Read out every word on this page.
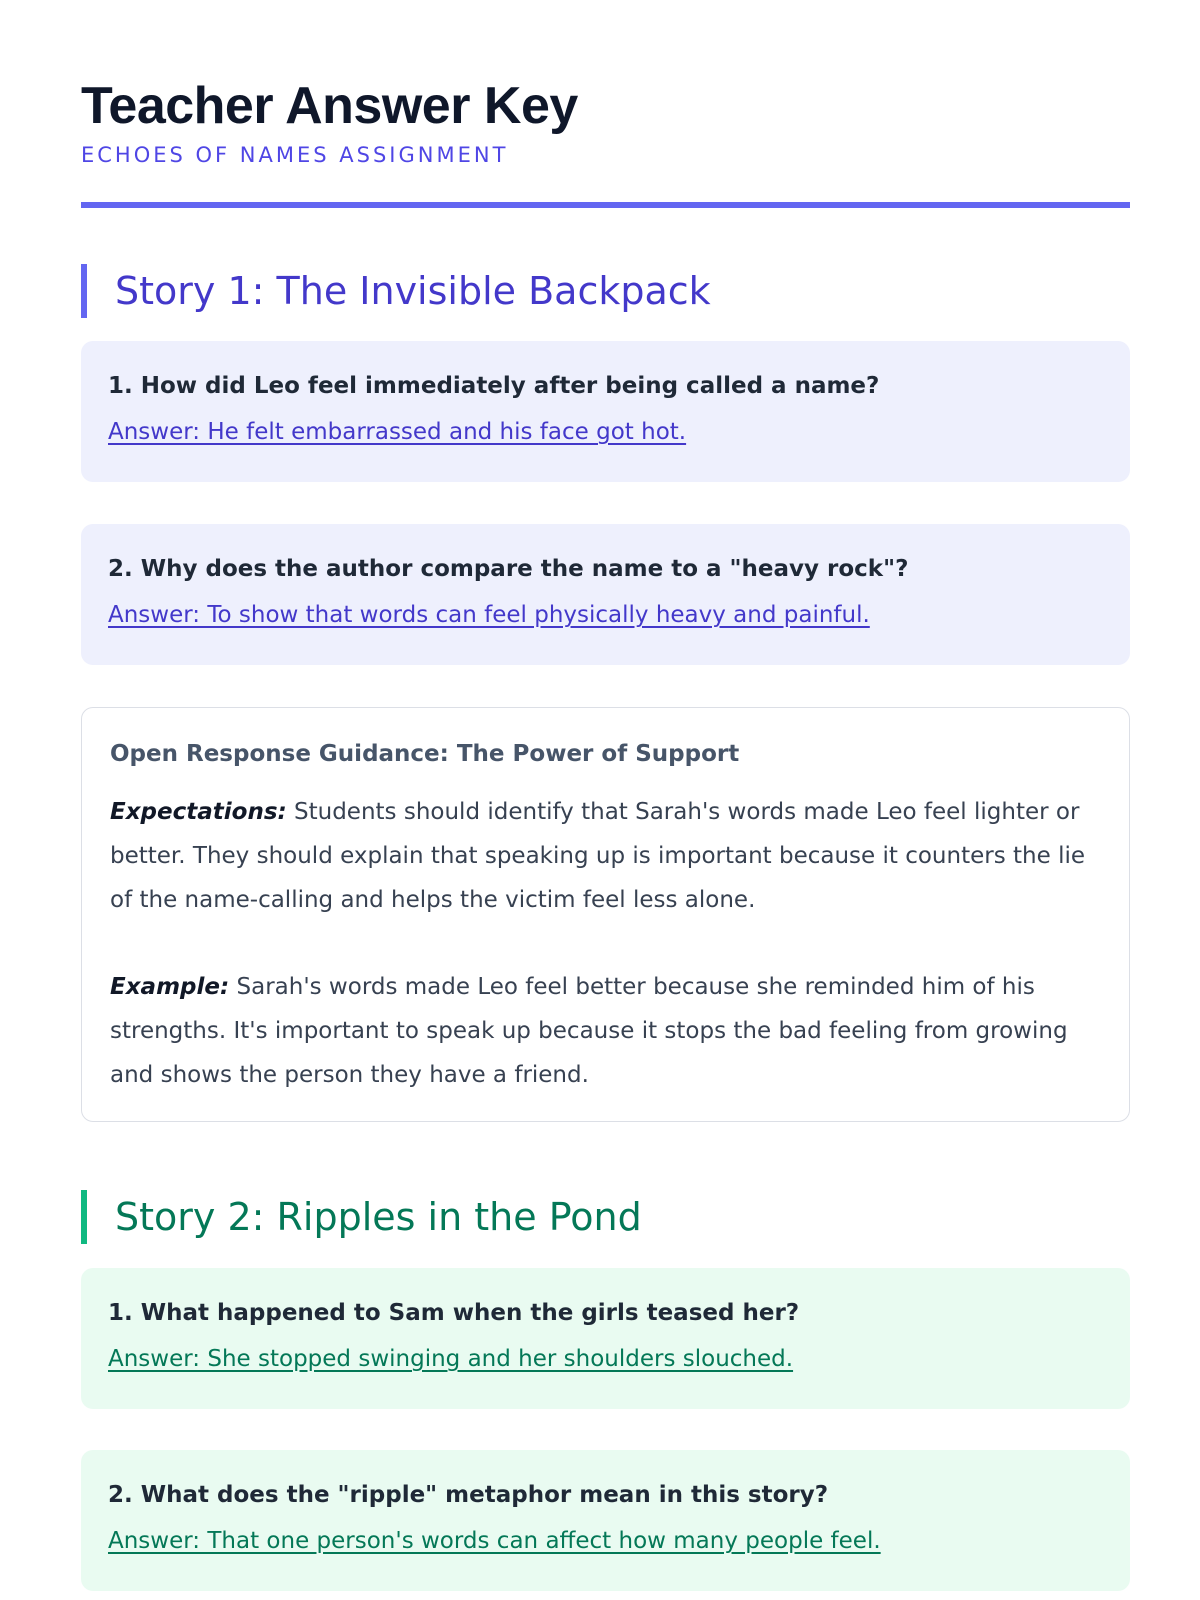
Teacher Answer Key
ECHOES OF NAMES ASSIGNMENT
Story 1: The Invisible Backpack
1. How did Leo feel immediately after being called a name?
Answer: He felt embarrassed and his face got hot.
2. Why does the author compare the name to a "heavy rock"?
Answer: To show that words can feel physically heavy and painful.
Open Response Guidance: The Power of Support
Expectations: Students should identify that Sarah's words made Leo feel lighter or better. They should explain that speaking up is important because it counters the lie of the name-calling and helps the victim feel less alone.
Example: Sarah's words made Leo feel better because she reminded him of his strengths. It's important to speak up because it stops the bad feeling from growing and shows the person they have a friend.
Story 2: Ripples in the Pond
1. What happened to Sam when the girls teased her?
Answer: She stopped swinging and her shoulders slouched.
2. What does the "ripple" metaphor mean in this story?
Answer: That one person's words can affect how many people feel.
